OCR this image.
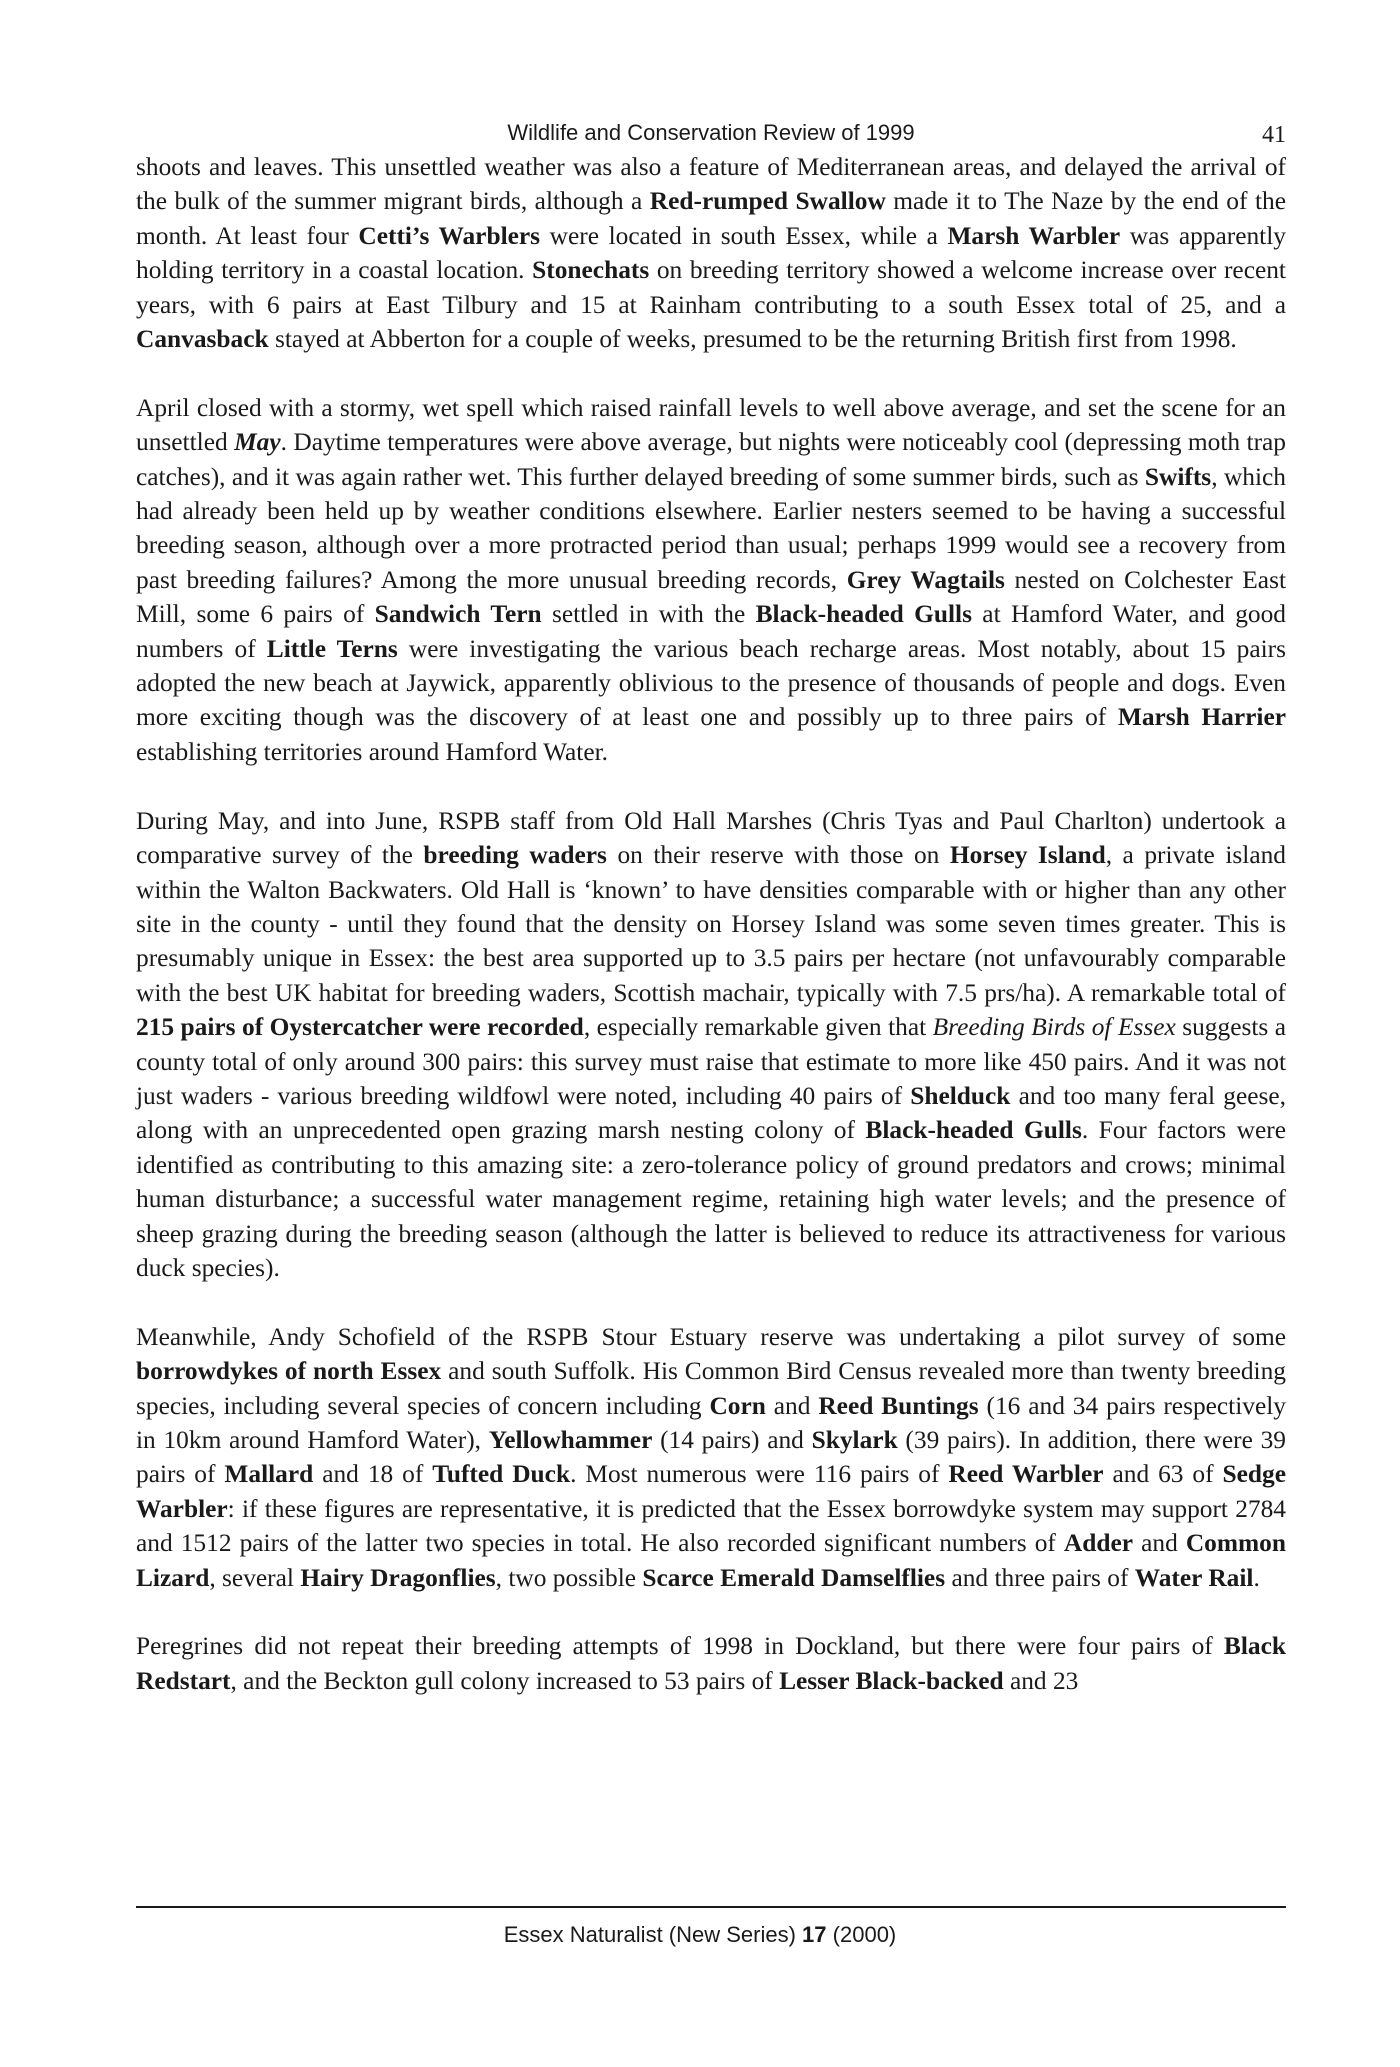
Wildlife and Conservation Review of 1999	41

shoots and leaves. This unsettled weather was also a feature of Mediterranean areas, and delayed the arrival of the bulk of the summer migrant birds, although a Red-rumped Swallow made it to The Naze by the end of the month. At least four Cetti’s Warblers were located in south Essex, while a Marsh Warbler was apparently holding territory in a coastal location. Stonechats on breeding territory showed a welcome increase over recent years, with 6 pairs at East Tilbury and 15 at Rainham contributing to a south Essex total of 25, and a Canvasback stayed at Abberton for a couple of weeks, presumed to be the returning British first from 1998.

April closed with a stormy, wet spell which raised rainfall levels to well above average, and set the scene for an unsettled May. Daytime temperatures were above average, but nights were noticeably cool (depressing moth trap catches), and it was again rather wet. This further delayed breeding of some summer birds, such as Swifts, which had already been held up by weather conditions elsewhere. Earlier nesters seemed to be having a successful breeding season, although over a more protracted period than usual; perhaps 1999 would see a recovery from past breeding failures? Among the more unusual breeding records, Grey Wagtails nested on Colchester East Mill, some 6 pairs of Sandwich Tern settled in with the Black-headed Gulls at Hamford Water, and good numbers of Little Terns were investigating the various beach recharge areas. Most notably, about 15 pairs adopted the new beach at Jaywick, apparently oblivious to the presence of thousands of people and dogs. Even more exciting though was the discovery of at least one and possibly up to three pairs of Marsh Harrier establishing territories around Hamford Water.

During May, and into June, RSPB staff from Old Hall Marshes (Chris Tyas and Paul Charlton) undertook a comparative survey of the breeding waders on their reserve with those on Horsey Island, a private island within the Walton Backwaters. Old Hall is ‘known’ to have densities comparable with or higher than any other site in the county - until they found that the density on Horsey Island was some seven times greater. This is presumably unique in Essex: the best area supported up to 3.5 pairs per hectare (not unfavourably comparable with the best UK habitat for breeding waders, Scottish machair, typically with 7.5 prs/ha). A remarkable total of 215 pairs of Oystercatcher were recorded, especially remarkable given that Breeding Birds of Essex suggests a county total of only around 300 pairs: this survey must raise that estimate to more like 450 pairs. And it was not just waders - various breeding wildfowl were noted, including 40 pairs of Shelduck and too many feral geese, along with an unprecedented open grazing marsh nesting colony of Black-headed Gulls. Four factors were identified as contributing to this amazing site: a zero-tolerance policy of ground predators and crows; minimal human disturbance; a successful water management regime, retaining high water levels; and the presence of sheep grazing during the breeding season (although the latter is believed to reduce its attractiveness for various duck species).

Meanwhile, Andy Schofield of the RSPB Stour Estuary reserve was undertaking a pilot survey of some borrowdykes of north Essex and south Suffolk. His Common Bird Census revealed more than twenty breeding species, including several species of concern including Corn and Reed Buntings (16 and 34 pairs respectively in 10km around Hamford Water), Yellowhammer (14 pairs) and Skylark (39 pairs). In addition, there were 39 pairs of Mallard and 18 of Tufted Duck. Most numerous were 116 pairs of Reed Warbler and 63 of Sedge Warbler: if these figures are representative, it is predicted that the Essex borrowdyke system may support 2784 and 1512 pairs of the latter two species in total. He also recorded significant numbers of Adder and Common Lizard, several Hairy Dragonflies, two possible Scarce Emerald Damselflies and three pairs of Water Rail.

Peregrines did not repeat their breeding attempts of 1998 in Dockland, but there were four pairs of Black Redstart, and the Beckton gull colony increased to 53 pairs of Lesser Black-backed and 23

Essex Naturalist (New Series) 17 (2000)
